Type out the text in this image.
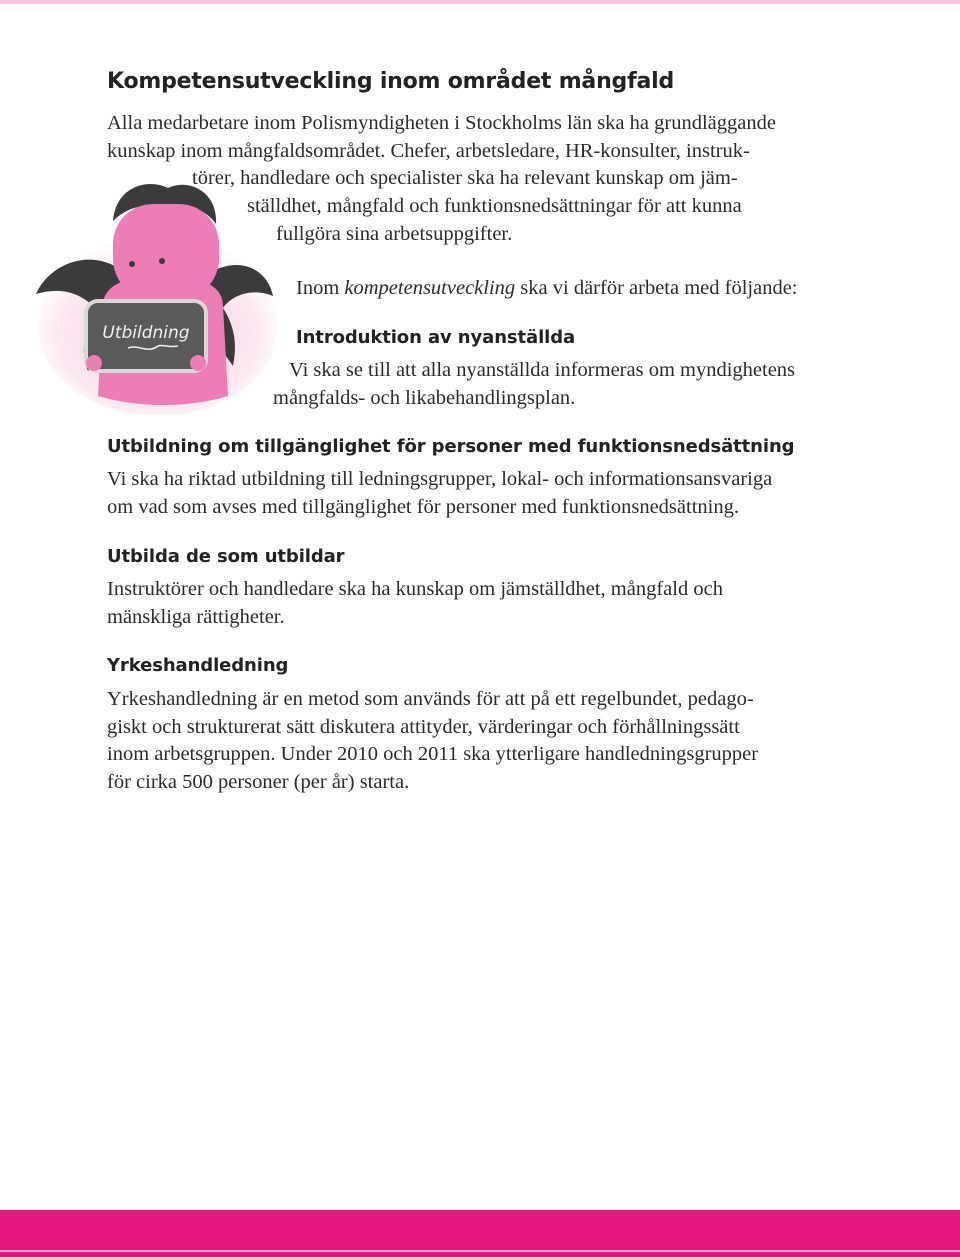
Kompetensutveckling inom området mångfald
Alla medarbetare inom Polismyndigheten i Stockholms län ska ha grundläggande
kunskap inom mångfaldsområdet. Chefer, arbetsledare, HR-konsulter, instruk-
törer, handledare och specialister ska ha relevant kunskap om jäm-
ställdhet, mångfald och funktionsnedsättningar för att kunna
fullgöra sina arbetsuppgifter.
Utbildning
Inom kompetensutveckling ska vi därför arbeta med följande:
Introduktion av nyanställda
Vi ska se till att alla nyanställda informeras om myndighetens
mångfalds- och likabehandlingsplan.
Utbildning om tillgänglighet för personer med funktionsnedsättning
Vi ska ha riktad utbildning till ledningsgrupper, lokal- och informationsansvariga
om vad som avses med tillgänglighet för personer med funktionsnedsättning.
Utbilda de som utbildar
Instruktörer och handledare ska ha kunskap om jämställdhet, mångfald och
mänskliga rättigheter.
Yrkeshandledning
Yrkeshandledning är en metod som används för att på ett regelbundet, pedago-
giskt och strukturerat sätt diskutera attityder, värderingar och förhållningssätt
inom arbetsgruppen. Under 2010 och 2011 ska ytterligare handledningsgrupper
för cirka 500 personer (per år) starta.
